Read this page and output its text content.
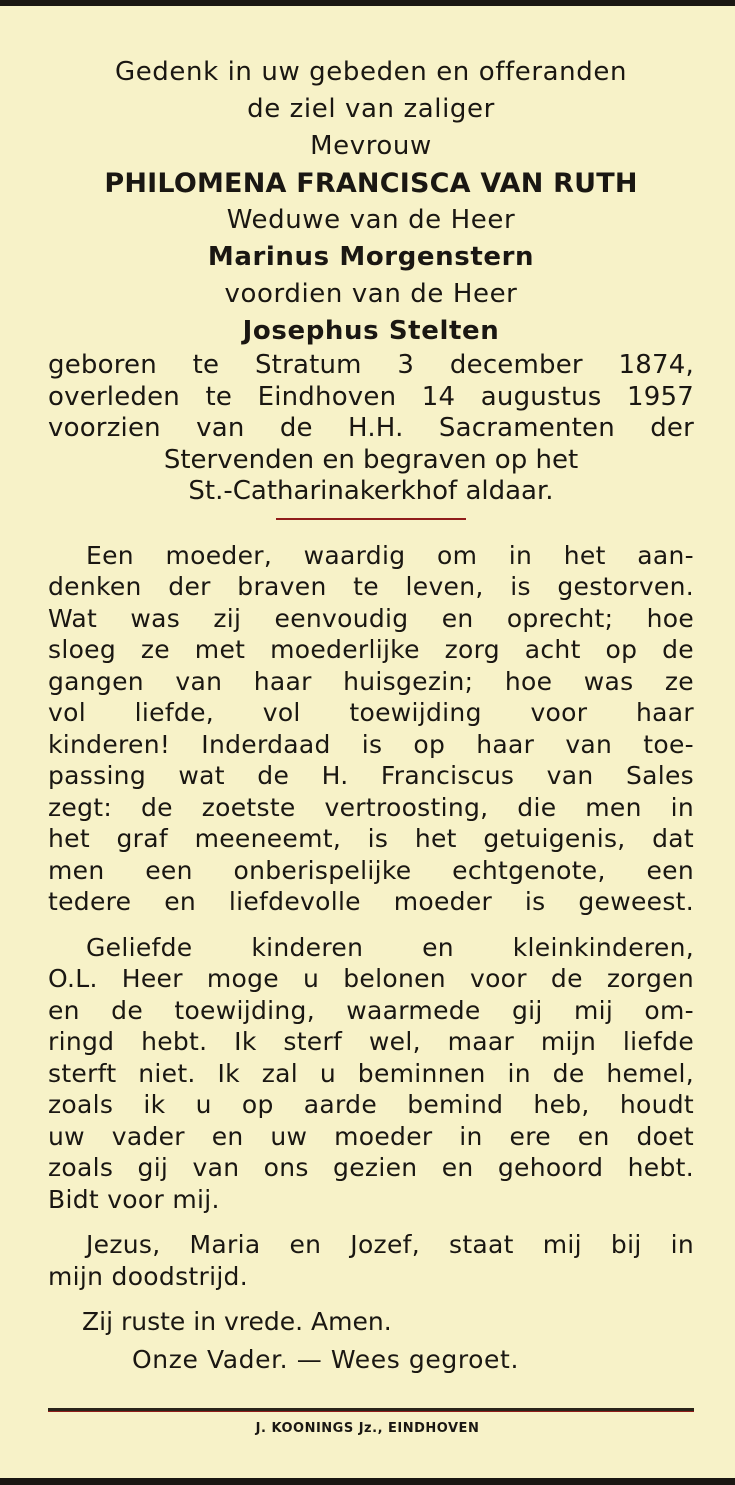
Gedenk in uw gebeden en offeranden
de ziel van zaliger
Mevrouw
PHILOMENA FRANCISCA VAN RUTH
Weduwe van de Heer
Marinus Morgenstern
voordien van de Heer
Josephus Stelten
geboren te Stratum 3 december 1874,
overleden te Eindhoven 14 augustus 1957
voorzien van de H.H. Sacramenten der
Stervenden en begraven op het
St.-Catharinakerkhof aldaar.
Een moeder, waardig om in het aan-
denken der braven te leven, is gestorven.
Wat was zij eenvoudig en oprecht; hoe
sloeg ze met moederlijke zorg acht op de
gangen van haar huisgezin; hoe was ze
vol liefde, vol toewijding voor haar
kinderen! Inderdaad is op haar van toe-
passing wat de H. Franciscus van Sales
zegt: de zoetste vertroosting, die men in
het graf meeneemt, is het getuigenis, dat
men een onberispelijke echtgenote, een
tedere en liefdevolle moeder is geweest.
Geliefde kinderen en kleinkinderen,
O.L. Heer moge u belonen voor de zorgen
en de toewijding, waarmede gij mij om-
ringd hebt. Ik sterf wel, maar mijn liefde
sterft niet. Ik zal u beminnen in de hemel,
zoals ik u op aarde bemind heb, houdt
uw vader en uw moeder in ere en doet
zoals gij van ons gezien en gehoord hebt.
Bidt voor mij.
Jezus, Maria en Jozef, staat mij bij in
mijn doodstrijd.
Zij ruste in vrede. Amen.
Onze Vader. — Wees gegroet.
J. KOONINGS Jz., EINDHOVEN
